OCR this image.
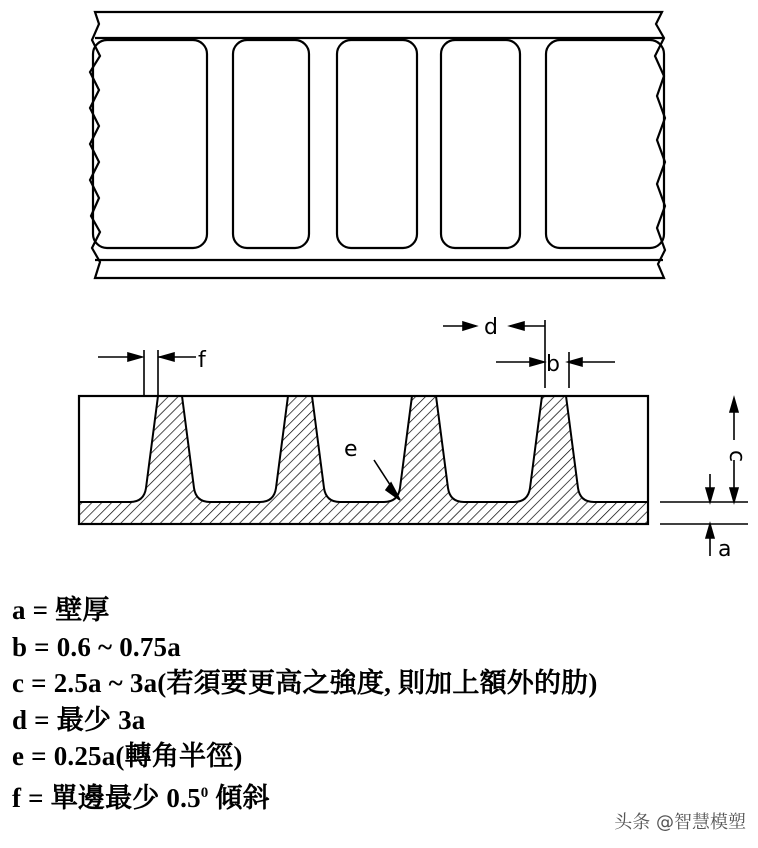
d
b
f
e	c
a
a = 壁厚
b = 0.6 ~ 0.75a
c = 2.5a ~ 3a(若須要更高之強度, 則加上額外的肋)
d = 最少 3a
e = 0.25a(轉角半徑)
f = 單邊最少 $0.5^0$ 傾斜
头条 @智慧模塑
